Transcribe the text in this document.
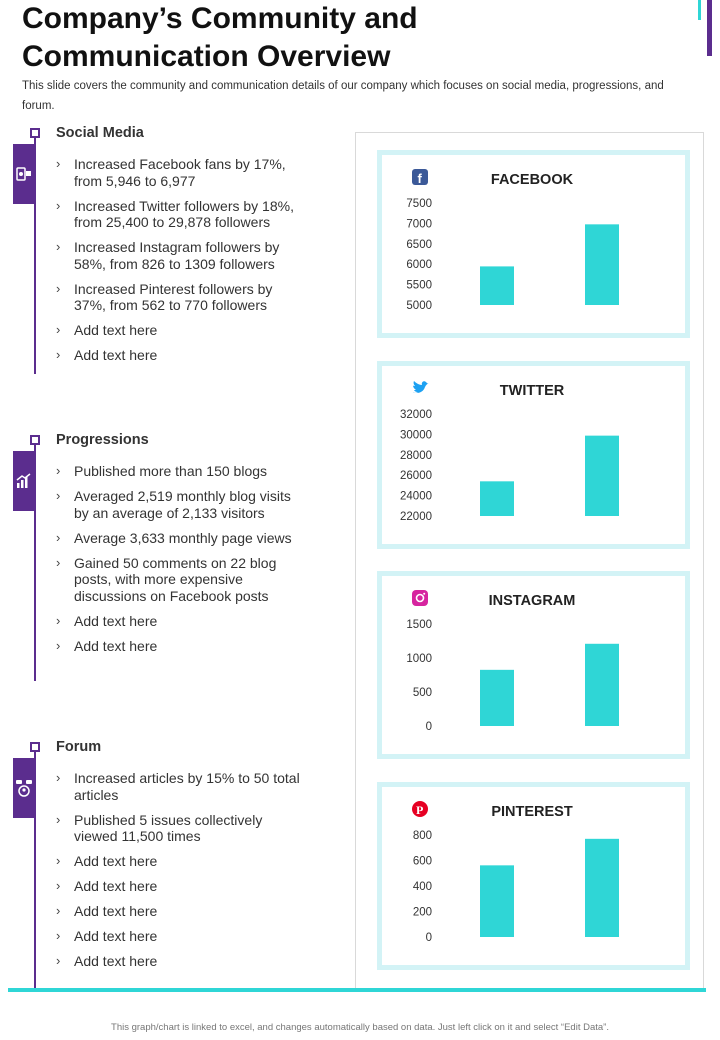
Company’s Community and
Communication Overview
This slide covers the community and communication details of our company which focuses on social media, progressions, and forum.
Social Media
› Increased Facebook fans by 17%, from 5,946 to 6,977
› Increased Twitter followers by 18%, from 25,400 to 29,878 followers
› Increased Instagram followers by 58%, from 826 to 1309 followers
› Increased Pinterest followers by 37%, from 562 to 770 followers
› Add text here
› Add text here
Progressions
› Published more than 150 blogs
› Averaged 2,519 monthly blog visits by an average of 2,133 visitors
› Average 3,633 monthly page views
› Gained 50 comments on 22 blog posts, with more expensive discussions on Facebook posts
› Add text here
› Add text here
Forum
› Increased articles by 15% to 50 total articles
› Published 5 issues collectively viewed 11,500 times
› Add text here
› Add text here
› Add text here
› Add text here
› Add text here
f	FACEBOOK
7500
7000
6500
6000
5500
5000
TWITTER
32000
30000
28000
26000
24000
22000
INSTAGRAM
1500
1000
500
0
P	PINTEREST
800
600
400
200
0
This graph/chart is linked to excel, and changes automatically based on data. Just left click on it and select “Edit Data”.
